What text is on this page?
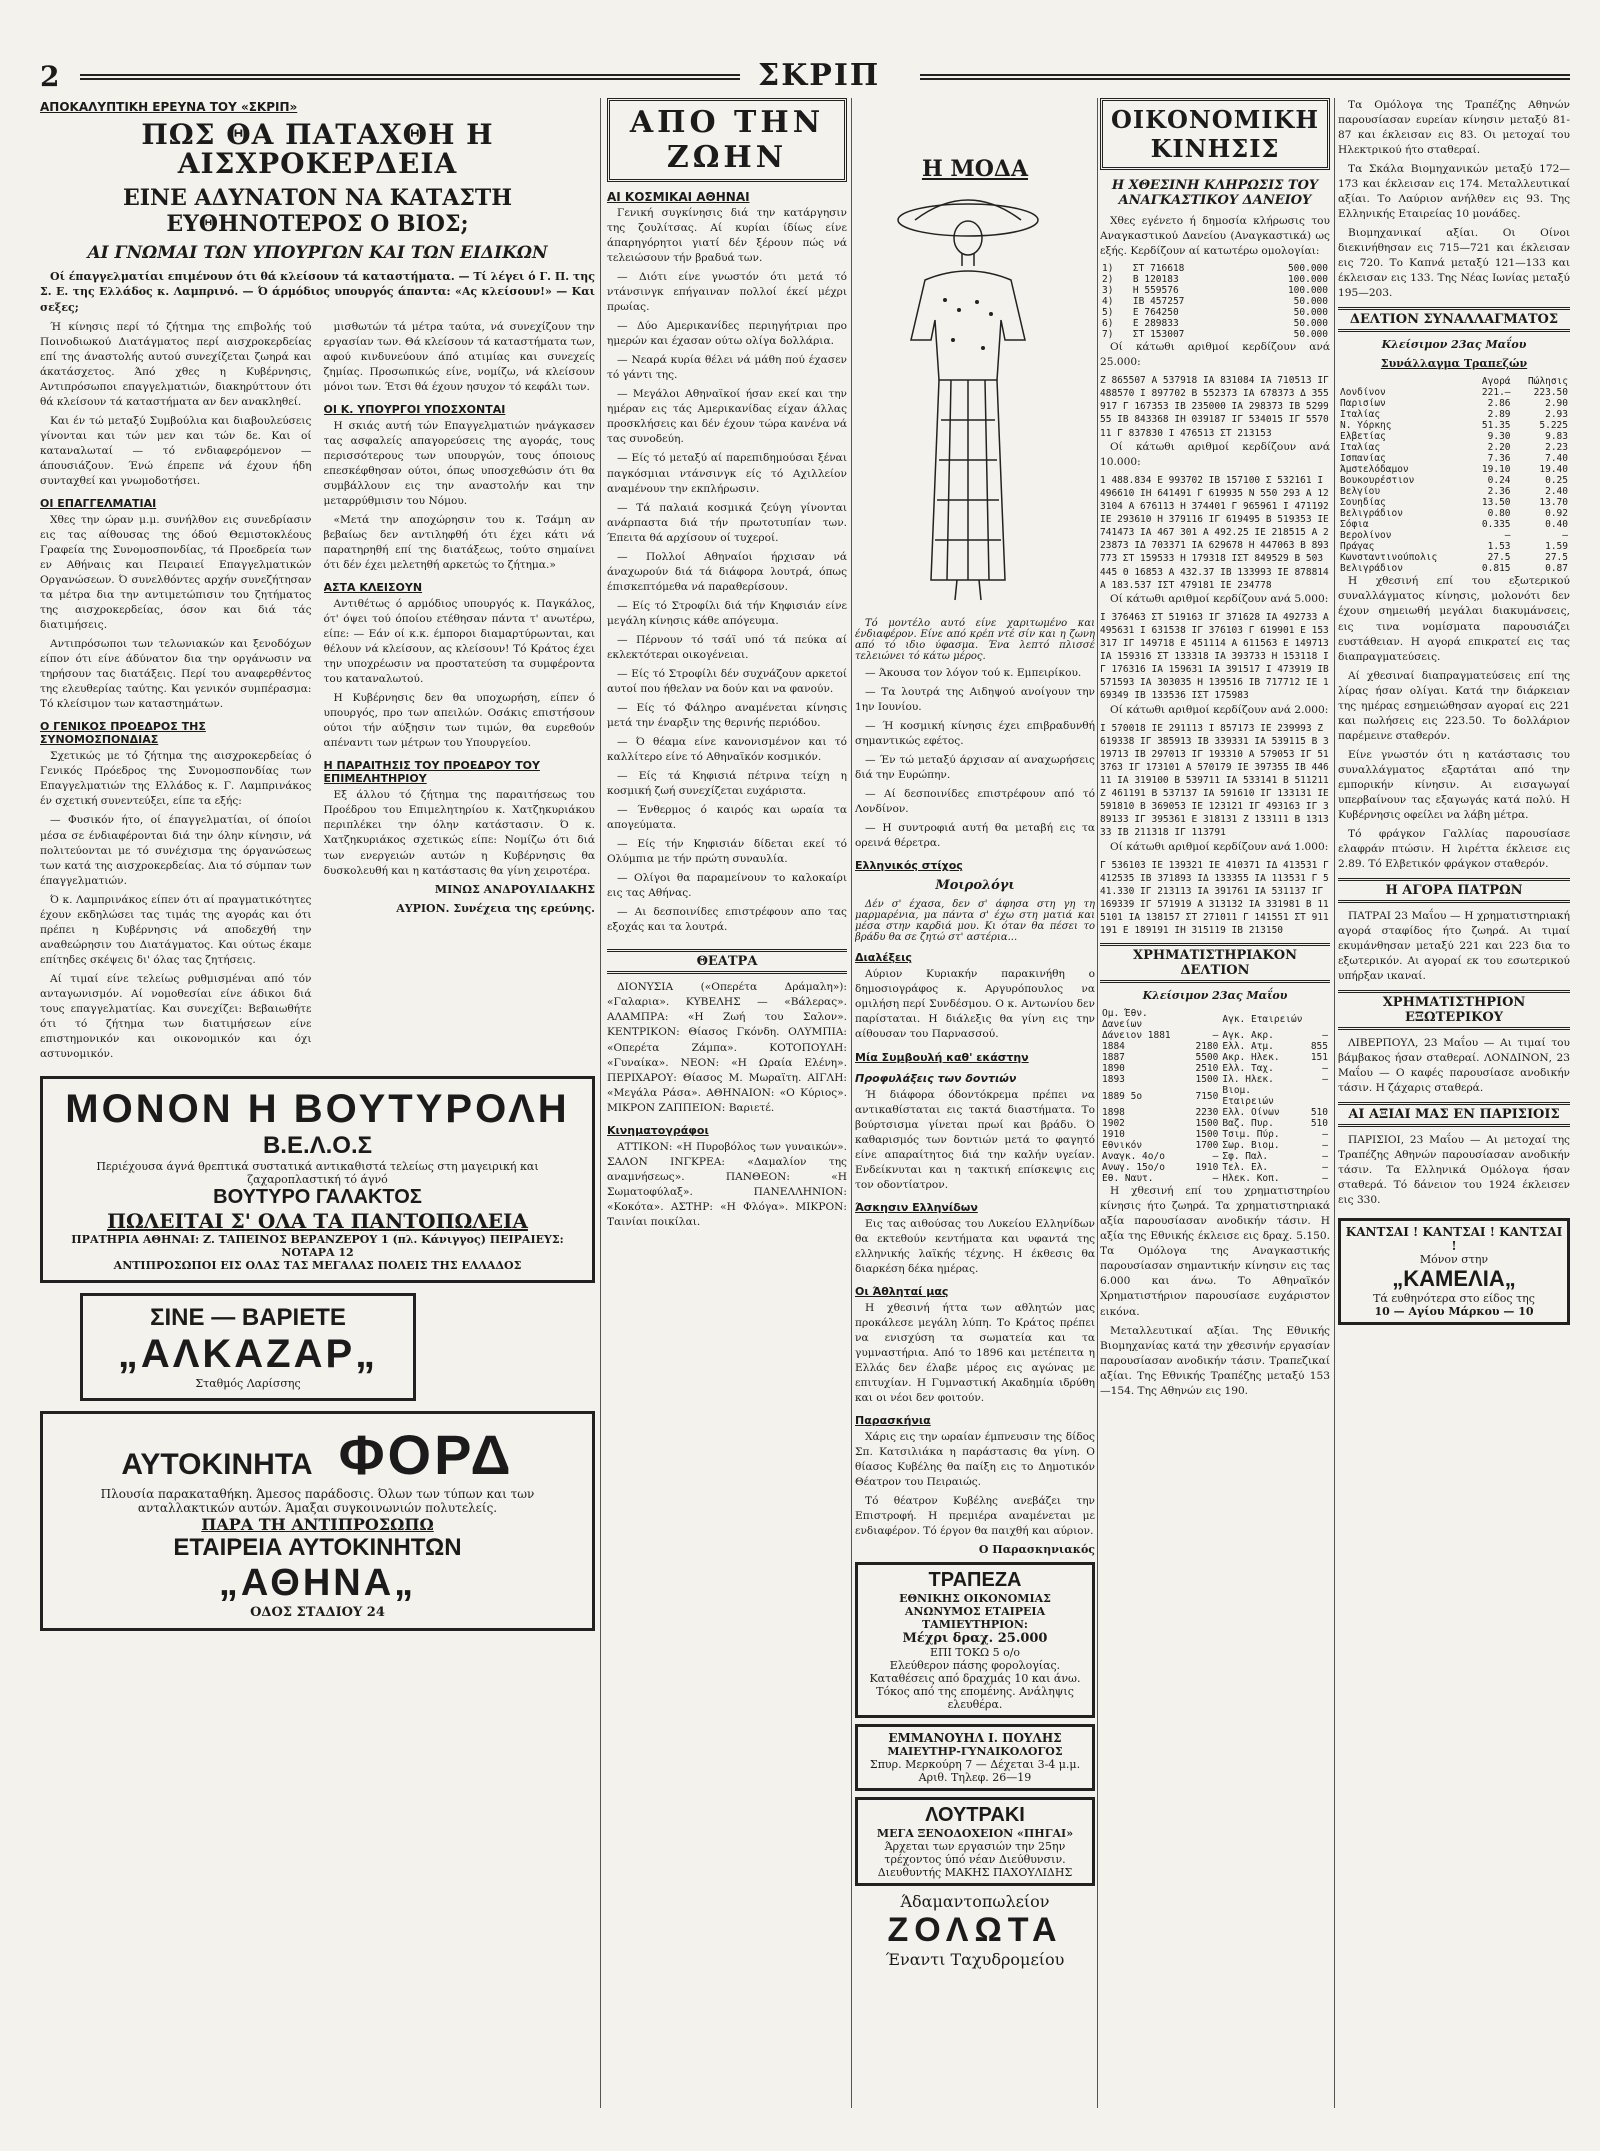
2	ΣΚΡΙΠ
ΑΠΟΚΑΛΥΠΤΙΚΗ ΕΡΕΥΝΑ ΤΟΥ «ΣΚΡΙΠ»
ΠΩΣ ΘΑ ΠΑΤΑΧΘΗ Η ΑΙΣΧΡΟΚΕΡΔΕΙΑ
ΕΙΝΕ ΑΔΥΝΑΤΟΝ ΝΑ ΚΑΤΑΣΤΗ ΕΥΘΗΝΟΤΕΡΟΣ Ο ΒΙΟΣ;
ΑΙ ΓΝΩΜΑΙ ΤΩΝ ΥΠΟΥΡΓΩΝ ΚΑΙ ΤΩΝ ΕΙΔΙΚΩΝ

Οί έπαγγελματίαι επιμένουν ότι θά κλείσουν τά καταστήματα. — Τί λέγει ό Γ. Π. της Σ. Ε. της Ελλάδος κ. Λαμπρινό. — Ό άρμόδιος υπουργός άπαντα: «Ας κλείσουν!» — Και σεξες;

Ή κίνησις περί τό ζήτημα της επιβολής τού Ποινοδιωκού Διατάγματος περί αισχροκερδείας επί της άναστολής αυτού συνεχίζεται ζωηρά και άκατάσχετος. Άπό χθες η Κυβέρνησις, Αντιπρόσωποι επαγγελματιών, διακηρύττουν ότι θά κλείσουν τά καταστήματα αν δεν ανακληθεί.

Και έν τώ μεταξύ Συμβούλια και διαβουλεύσεις γίνονται και τών μεν και τών δε. Και οί καταναλωταί — τό ενδιαφερόμενον — άπουσιάζουν. Ένώ έπρεπε νά έχουν ήδη συνταχθεί και γνωμοδοτήσει.

ΟΙ ΕΠΑΓΓΕΛΜΑΤΙΑΙ

Χθες την ώραν μ.μ. συνήλθον εις συνεδρίασιν εις τας αίθουσας της όδού Θεμιστοκλέους Γραφεία της Συνομοσπονδίας, τά Προεδρεία των εν Αθήναις και Πειραιεί Επαγγελματικών Οργανώσεων. Ό συνελθόντες αρχήν συνεζήτησαν τα μέτρα δια την αντιμετώπισιν του ζητήματος της αισχροκερδείας, όσον και διά τάς διατιμήσεις.

Αντιπρόσωποι των τελωνιακών και ξενοδόχων είπον ότι είνε άδύνατον δια την οργάνωσιν να τηρήσουν τας διατάξεις. Περί του αναφερθέντος της ελευθερίας ταύτης. Και γενικόν συμπέρασμα: Τό κλείσιμον των καταστημάτων.

Ο ΓΕΝΙΚΟΣ ΠΡΟΕΔΡΟΣ ΤΗΣ ΣΥΝΟΜΟΣΠΟΝΔΙΑΣ

Σχετικώς με τό ζήτημα της αισχροκερδείας ό Γενικός Πρόεδρος της Συνομοσπονδίας των Επαγγελματιών της Ελλάδος κ. Γ. Λαμπρινάκος έν σχετική συνεντεύξει, είπε τα εξής:

— Φυσικόν ήτο, οί έπαγγελματίαι, οί όποίοι μέσα σε ένδιαφέρονται διά την όλην κίνησιν, νά πολιτεύονται με τό συνέχισμα της όργανώσεως των κατά της αισχροκερδείας. Δια τό σύμπαν των έπαγγελματιών.

Ό κ. Λαμπρινάκος είπεν ότι αί πραγματικότητες έχουν εκδηλώσει τας τιμάς της αγοράς και ότι πρέπει η Κυβέρνησις νά αποδεχθή την αναθεώρησιν του Διατάγματος. Και ούτως έκαμε επίτηδες σκέψεις δι' όλας τας ζητήσεις.

Αί τιμαί είνε τελείως ρυθμισμέναι από τόν ανταγωνισμόν. Αί νομοθεσίαι είνε άδικοι διά τους επαγγελματίας. Και συνεχίζει: Βεβαιωθήτε ότι τό ζήτημα των διατιμήσεων είνε επιστημονικόν και οικονομικόν και όχι αστυνομικόν.

μισθωτών τά μέτρα ταύτα, νά συνεχίζουν την εργασίαν των. Θά κλείσουν τά καταστήματα των, αφού κινδυνεύουν άπό ατιμίας και συνεχείς ζημίας. Προσωπικώς είνε, νομίζω, νά κλείσουν μόνοι των. Έτσι θά έχουν ησυχον τό κεφάλι των.

ΟΙ Κ. ΥΠΟΥΡΓΟΙ ΥΠΟΣΧΟΝΤΑΙ

Η σκιάς αυτή τών Επαγγελματιών ηνάγκασεν τας ασφαλείς απαγορεύσεις της αγοράς, τους περισσότερους των υπουργών, τους όποιους επεσκέφθησαν ούτοι, όπως υποσχεθώσιν ότι θα συμβάλλουν εις την αναστολήν και την μεταρρύθμισιν του Νόμου.

«Μετά την αποχώρησιν του κ. Τσάμη αν βεβαίως δεν αντιληφθή ότι έχει κάτι νά παρατηρηθή επί της διατάξεως, τούτο σημαίνει ότι δέν έχει μελετηθή αρκετώς το ζήτημα.»

ΑΣΤΑ ΚΛΕΙΣΟΥΝ

Αντιθέτως ό αρμόδιος υπουργός κ. Παγκάλος, ότ' όψει τού όποίου ετέθησαν πάντα τ' ανωτέρω, είπε: — Εάν οί κ.κ. έμποροι διαμαρτύρωνται, και θέλουν νά κλείσουν, ας κλείσουν! Τό Κράτος έχει την υποχρέωσιν να προστατεύση τα συμφέροντα του καταναλωτού.

Η Κυβέρνησις δεν θα υποχωρήση, είπεν ό υπουργός, προ των απειλών. Οσάκις επιστήσουν ούτοι τήν αύξησιν των τιμών, θα ευρεθούν απέναντι των μέτρων του Υπουργείου.

Η ΠΑΡΑΙΤΗΣΙΣ ΤΟΥ ΠΡΟΕΔΡΟΥ ΤΟΥ ΕΠΙΜΕΛΗΤΗΡΙΟΥ

Εξ άλλου τό ζήτημα της παραιτήσεως του Προέδρου του Επιμελητηρίου κ. Χατζηκυριάκου περιπλέκει την όλην κατάστασιν. Ό κ. Χατζηκυριάκος σχετικώς είπε: Νομίζω ότι διά των ενεργειών αυτών η Κυβέρνησις θα δυσκολευθή και η κατάστασις θα γίνη χειροτέρα.

ΜΙΝΩΣ ΑΝΔΡΟΥΛΙΔΑΚΗΣ
ΑΥΡΙΟΝ. Συνέχεια της ερεύνης.
ΜΟΝΟΝ Η ΒΟΥΤΥΡΟΛΗ
Β.Ε.Λ.Ο.Σ
Περιέχουσα άγνά θρεπτικά συστατικά αντικαθιστά τελείως στη μαγειρική και ζαχαροπλαστική τό άγνό
ΒΟΥΤΥΡΟ ΓΑΛΑΚΤΟΣ
ΠΩΛΕΙΤΑΙ Σ' ΟΛΑ ΤΑ ΠΑΝΤΟΠΩΛΕΙΑ
ΠΡΑΤΗΡΙΑ ΑΘΗΝΑΙ: Ζ. ΤΑΠΕΙΝΟΣ ΒΕΡΑΝΖΕΡΟΥ 1 (πλ. Κάνιγγος) ΠΕΙΡΑΙΕΥΣ: ΝΟΤΑΡΑ 12
ΑΝΤΙΠΡΟΣΩΠΟΙ ΕΙΣ ΟΛΑΣ ΤΑΣ ΜΕΓΑΛΑΣ ΠΟΛΕΙΣ ΤΗΣ ΕΛΛΑΔΟΣ
ΣΙΝΕ — ΒΑΡΙΕΤΕ
„ΑΛΚΑΖΑΡ„
Σταθμός Λαρίσσης
ΑΥΤΟΚΙΝΗΤΑ ΦΟΡΔ
Πλουσία παρακαταθήκη. Άμεσος παράδοσις. Όλων των τύπων και των ανταλλακτικών αυτών. Άμαξαι συγκοινωνιών πολυτελείς.
ΠΑΡΑ ΤΗ ΑΝΤΙΠΡΟΣΩΠΩ
ΕΤΑΙΡΕΙΑ ΑΥΤΟΚΙΝΗΤΩΝ
„ΑΘΗΝΑ„
ΟΔΟΣ ΣΤΑΔΙΟΥ 24
ΑΠΟ ΤΗΝ ΖΩΗΝ
ΑΙ ΚΟΣΜΙΚΑΙ ΑΘΗΝΑΙ

Γενική συγκίνησις διά την κατάργησιν της ζουλίτσας. Αί κυρίαι ίδίως είνε άπαρηγόρητοι γιατί δέν ξέρουν πώς νά τελειώσουν τήν βραδυά των.

— Διότι είνε γνωστόν ότι μετά τό ντάνσινγκ επήγαιναν πολλοί έκεί μέχρι πρωίας.

— Δύο Αμερικανίδες περιηγήτριαι προ ημερών και έχασαν ούτω ολίγα δολλάρια.

— Νεαρά κυρία θέλει νά μάθη πού έχασεν τό γάντι της.

— Μεγάλοι Αθηναϊκοί ήσαν εκεί και την ημέραν εις τάς Αμερικανίδας είχαν άλλας προσκλήσεις και δέν έχουν τώρα κανένα νά τας συνοδεύη.

— Είς τό μεταξύ αί παρεπιδημούσαι ξέναι παγκόσμιαι ντάνσινγκ είς τό Αχιλλείον αναμένουν την εκπλήρωσιν.

— Τά παλαιά κοσμικά ζεύγη γίνονται ανάρπαστα διά τήν πρωτοτυπίαν των. Έπειτα θά αρχίσουν οί τυχεροί.

— Πολλοί Αθηναίοι ήρχισαν νά άναχωρούν διά τά διάφορα λουτρά, όπως έπισκεπτόμεθα νά παραθερίσουν.

— Είς τό Στροφίλι διά τήν Κηφισιάν είνε μεγάλη κίνησις κάθε απόγευμα.

— Πέρνουν τό τσάϊ υπό τά πεύκα αί εκλεκτότεραι οικογένειαι.

— Είς τό Στροφίλι δέν συχνάζουν αρκετοί αυτοί που ήθελαν να δούν και να φανούν.

— Είς τό Φάληρο αναμένεται κίνησις μετά την έναρξιν της θερινής περιόδου.

— Ό θέαμα είνε κανονισμένον και τό καλλίτερο είνε τό Αθηναϊκόν κοσμικόν.

— Είς τά Κηφισιά πέτρινα τείχη η κοσμική ζωή συνεχίζεται ευχάριστα.

— Ένθερμος ό καιρός και ωραία τα απογεύματα.

— Είς τήν Κηφισιάν δίδεται εκεί τό Ολύμπια με τήν πρώτη συναυλία.

— Ολίγοι θα παραμείνουν το καλοκαίρι εις τας Αθήνας.

— Αι δεσποινίδες επιστρέφουν απο τας εξοχάς και τα λουτρά.

ΘΕΑΤΡΑ

ΔΙΟΝΥΣΙΑ («Οπερέτα Δράμαλη»): «Γαλαρια». ΚΥΒΕΛΗΣ — «Βάλερας». ΑΛΑΜΠΡΑ: «Η Ζωή του Σαλον». ΚΕΝΤΡΙΚΟΝ: Θίασος Γκόνδη. ΟΛΥΜΠΙΑ: «Οπερέτα Ζάμπα». ΚΟΤΟΠΟΥΛΗ: «Γυναίκα». ΝΕΟΝ: «Η Ωραία Ελένη». ΠΕΡΙΧΑΡΟΥ: Θίασος Μ. Μωραϊτη. ΑΙΓΛΗ: «Μεγάλα Ράσα». ΑΘΗΝΑΙΟΝ: «Ο Κύριος». ΜΙΚΡΟΝ ΖΑΠΠΕΙΟΝ: Βαριετέ.

Κινηματογράφοι

ΑΤΤΙΚΟΝ: «Η Πυροβόλος των γυναικών». ΣΑΛΟΝ ΙΝΓΚΡΕΑ: «Δαμαλίον της αναμνήσεως». ΠΑΝΘΕΟΝ: «Η Σωματοφύλαξ». ΠΑΝΕΛΛΗΝΙΟΝ: «Κοκότα». ΑΣΤΗΡ: «Η Φλόγα». ΜΙΚΡΟΝ: Ταινίαι ποικίλαι.

Η ΜΟΔΑ

Τό μοντέλο αυτό είνε χαριτωμένο και ένδιαφέρον. Είνε από κρέπ ντέ σίν και η ζωνη από τό ιδιο ύφασμα. Ένα λεπτό πλισσέ τελειώνει τό κάτω μέρος.

— Άκουσα τον λόγον τού κ. Εμπειρίκου.

— Τα λουτρά της Αιδηψού ανοίγουν την 1ην Ιουνίου.

— Ή κοσμική κίνησις έχει επιβραδυνθή σημαντικώς εφέτος.

— Έν τώ μεταξύ άρχισαν αί αναχωρήσεις διά την Ευρώπην.

— Αί δεσποινίδες επιστρέφουν από τό Λονδίνον.

— Η συντροφιά αυτή θα μεταβή εις τα ορεινά θέρετρα.

Ελληνικός στίχος
Μοιρολόγι

Δέν σ' έχασα, δεν σ' άφησα στη γη τη μαρμαρένια, μα πάντα σ' έχω στη ματιά και μέσα στην καρδιά μου. Κι όταν θα πέσει το βράδυ θα σε ζητώ στ' αστέρια...

Διαλέξεις

Αύριον Κυριακήν παρακινήθη ο δημοσιογράφος κ. Αργυρόπουλος να ομιλήση περί Συνδέσμου. Ο κ. Αντωνίου δεν παρίσταται. Η διάλεξις θα γίνη εις την αίθουσαν του Παρνασσού.

Μία Συμβουλή καθ' εκάστην
Προφυλάξεις των δοντιών

Ή διάφορα όδοντόκρεμα πρέπει να αντικαθίσταται εις τακτά διαστήματα. Το βούρτσισμα γίνεται πρωί και βράδυ. Ό καθαρισμός των δοντιών μετά το φαγητό είνε απαραίτητος διά την καλήν υγείαν. Ενδείκνυται και η τακτική επίσκεψις εις τον οδοντίατρον.

Άσκησιν Ελληνίδων

Εις τας αιθούσας του Λυκείου Ελληνίδων θα εκτεθούν κεντήματα και υφαντά της ελληνικής λαϊκής τέχνης. Η έκθεσις θα διαρκέση δέκα ημέρας.

Οι Άθληταί μας

Η χθεσινή ήττα των αθλητών μας προκάλεσε μεγάλη λύπη. Το Κράτος πρέπει να ενισχύση τα σωματεία και τα γυμναστήρια. Από το 1896 και μετέπειτα η Ελλάς δεν έλαβε μέρος εις αγώνας με επιτυχίαν. Η Γυμναστική Ακαδημία ιδρύθη και οι νέοι δεν φοιτούν.

Παρασκήνια

Χάρις εις την ωραίαν έμπνευσιν της δίδος Σπ. Κατσιλιάκα η παράστασις θα γίνη. Ο θίασος Κυβέλης θα παίξη εις το Δημοτικόν Θέατρον του Πειραιώς.

Τό θέατρον Κυβέλης ανεβάζει την Επιστροφή. Η πρεμιέρα αναμένεται με ενδιαφέρον. Τό έργον θα παιχθή και αύριον.

Ο Παρασκηνιακός
ΤΡΑΠΕΖΑ
ΕΘΝΙΚΗΣ ΟΙΚΟΝΟΜΙΑΣ
ΑΝΩΝΥΜΟΣ ΕΤΑΙΡΕΙΑ
ΤΑΜΙΕΥΤΗΡΙΟΝ:
Μέχρι δραχ. 25.000
ΕΠΙ ΤΟΚΩ 5 ο/ο
Ελεύθερον πάσης φορολογίας. Καταθέσεις από δραχμάς 10 και άνω. Τόκος από της επομένης. Ανάληψις ελευθέρα.
ΕΜΜΑΝΟΥΗΛ Ι. ΠΟΥΛΗΣ
ΜΑΙΕΥΤΗΡ-ΓΥΝΑΙΚΟΛΟΓΟΣ
Σπυρ. Μερκούρη 7 — Δέχεται 3-4 μ.μ.
Αριθ. Τηλεφ. 26—19
ΛΟΥΤΡΑΚΙ
ΜΕΓΑ ΞΕΝΟΔΟΧΕΙΟΝ «ΠΗΓΑΙ»
Άρχεται των εργασιών την 25ην τρέχοντος ύπό νέαν Διεύθυνσιν.
Διευθυντής ΜΑΚΗΣ ΠΑΧΟΥΛΙΔΗΣ
Άδαμαντοπωλείον
ΖΟΛΩΤΑ
Έναντι Ταχυδρομείου
ΟΙΚΟΝΟΜΙΚΗ ΚΙΝΗΣΙΣ
Η ΧΘΕΣΙΝΗ ΚΛΗΡΩΣΙΣ ΤΟΥ ΑΝΑΓΚΑΣΤΙΚΟΥ ΔΑΝΕΙΟΥ

Χθες εγένετο ή δημοσία κλήρωσις του Αναγκαστικού Δανείου (Αναγκαστικά) ως εξής. Κερδίζουν αί κατωτέρω ομολογίαι:

1)	ΣΤ 716618	500.000
2)	Β 120183	100.000
3)	Η 559576	100.000
4)	ΙΒ 457257	50.000
5)	Ε 764250	50.000
6)	Ε 289833	50.000
7)	ΣΤ 153007	50.000

Οί κάτωθι αριθμοί κερδίζουν ανά 25.000:

Ζ 865507 Α 537918 ΙΑ 831084 ΙΑ 710513 ΙΓ 488570 Ι 897702 Β 552373 ΙΑ 678373 Δ 355917 Γ 167353 ΙΒ 235000 ΙΑ 298373 ΙΒ 529955 ΙΒ 843368 ΙΗ 039187 ΙΓ 534015 ΙΓ 557011 Γ 837830 Ι 476513 ΣΤ 213153

Οί κάτωθι αριθμοί κερδίζουν ανά 10.000:

1 488.834 Ε 993702 ΙΒ 157100 Σ 532161 Ι 496610 ΙΗ 641491 Γ 619935 Ν 550 293 Α 123104 Α 676113 Η 374401 Γ 965961 Ι 471192 ΙΕ 293610 Η 379116 ΙΓ 619495 Β 519353 ΙΕ 741473 ΙΑ 467 301 Α 492.25 ΙΕ 218515 Α 223873 ΙΔ 703371 ΙΑ 629678 Η 447063 Β 893773 ΣΤ 159533 Η 179318 ΙΣΤ 849529 Β 503 445 Θ 16853 Α 432.37 ΙΒ 133993 ΙΕ 878814 Α 183.537 ΙΣΤ 479181 ΙΕ 234778

Οί κάτωθι αριθμοί κερδίζουν ανά 5.000:

Ι 376463 ΣΤ 519163 ΙΓ 371628 ΙΑ 492733 Α 495631 Ι 631538 ΙΓ 376103 Γ 619901 Ε 153317 ΙΓ 149718 Ε 451114 Α 611563 Ε 149713 ΙΑ 159316 ΣΤ 133318 ΙΑ 393733 Η 153118 ΙΓ 176316 ΙΑ 159631 ΙΑ 391517 Ι 473919 ΙΒ 571593 ΙΑ 303035 Η 139516 ΙΒ 717712 ΙΕ 169349 ΙΒ 133536 ΙΣΤ 175983

Οί κάτωθι αριθμοί κερδίζουν ανά 2.000:

Ι 570018 ΙΕ 291113 Ι 857173 ΙΕ 239993 Ζ 619338 ΙΓ 385913 ΙΒ 339331 ΙΑ 539115 Β 319713 ΙΒ 297013 ΙΓ 193310 Α 579053 ΙΓ 513763 ΙΓ 173101 Α 570179 ΙΕ 397355 ΙΒ 44611 ΙΑ 319100 Β 539711 ΙΑ 533141 Β 511211 Ζ 461191 Β 537137 ΙΑ 591610 ΙΓ 133131 ΙΕ 591810 Β 369053 ΙΕ 123121 ΙΓ 493163 ΙΓ 389133 ΙΓ 395361 Ε 318131 Ζ 133111 Β 131333 ΙΒ 211318 ΙΓ 113791

Οί κάτωθι αριθμοί κερδίζουν ανά 1.000:

Γ 536103 ΙΕ 139321 ΙΕ 410371 ΙΔ 413531 Γ 412535 ΙΒ 371893 ΙΔ 133355 ΙΑ 113531 Γ 541.330 ΙΓ 213113 ΙΑ 391761 ΙΑ 531137 ΙΓ 169339 ΙΓ 571919 Α 313132 ΙΑ 331981 Β 115101 ΙΑ 138157 ΣΤ 271011 Γ 141551 ΣΤ 911191 Ε 189191 ΙΗ 315119 ΙΒ 213150
ΧΡΗΜΑΤΙΣΤΗΡΙΑΚΟΝ ΔΕΛΤΙΟΝ
Κλείσιμον 23ας Μαΐου
Ομ. Έθν. Δανείων		Αγκ. Εταιρειών	
Δάνειον 1881	—	Αγκ. Ακρ.	—
1884	2180	Ελλ. Ατμ.	855
1887	5500	Ακρ. Ηλεκ.	151
1890	2510	Ελλ. Ταχ.	—
1893	1500	Ιλ. Ηλεκ.	—
1889 5ο	7150	Βιομ. Εταιρειών	
1898	2230	Ελλ. Οίνων	510
1902	1500	Βαζ. Πυρ.	510
1910	1500	Τσιμ. Πύρ.	—
Εθνικόν	1700	Σωρ. Βιομ.	—
Αναγκ. 4ο/ο	—	Σφ. Παλ.	—
Ανωγ. 15ο/ο	1910	Τελ. Ελ.	—
Εθ. Ναυτ.	—	Ηλεκ. Κοπ.	—

Η χθεσινή επί του χρηματιστηρίου κίνησις ήτο ζωηρά. Τα χρηματιστηριακά αξία παρουσίασαν ανοδικήν τάσιν. Η αξία της Εθνικής έκλεισε εις δραχ. 5.150. Τα Ομόλογα της Αναγκαστικής παρουσίασαν σημαντικήν κίνησιν εις τας 6.000 και άνω. Το Αθηναϊκόν Χρηματιστήριον παρουσίασε ευχάριστον εικόνα.

Μεταλλευτικαί αξίαι. Της Εθνικής Βιομηχανίας κατά την χθεσινήν εργασίαν παρουσίασαν ανοδικήν τάσιν. Τραπεζικαί αξίαι. Της Εθνικής Τραπέζης μεταξύ 153—154. Της Αθηνών εις 190.

Τα Ομόλογα της Τραπέζης Αθηνών παρουσίασαν ευρείαν κίνησιν μεταξύ 81-87 και έκλεισαν εις 83. Οι μετοχαί του Ηλεκτρικού ήτο σταθεραί.

Τα Σκάλα Βιομηχανικών μεταξύ 172—173 και έκλεισαν εις 174. Μεταλλευτικαί αξίαι. Το Λαύριον ανήλθεν εις 93. Της Ελληνικής Εταιρείας 10 μονάδες.

Βιομηχανικαί αξίαι. Οι Οίνοι διεκινήθησαν εις 715—721 και έκλεισαν εις 720. Το Καπνά μεταξύ 121—133 και έκλεισαν εις 133. Της Νέας Ιωνίας μεταξύ 195—203.

ΔΕΛΤΙΟΝ ΣΥΝΑΛΛΑΓΜΑΤΟΣ
Κλείσιμον 23ας Μαΐου
Συνάλλαγμα Τραπεζών
	Αγορά	Πώλησις
Λονδίνον	221.—	223.50
Παρισίων	2.86	2.90
Ιταλίας	2.89	2.93
Ν. Υόρκης	51.35	5.225
Ελβετίας	9.30	9.83
Ιταλίας	2.20	2.23
Ισπανίας	7.36	7.40
Άμστελόδαμον	19.10	19.40
Βουκουρέστιον	0.24	0.25
Βελγίου	2.36	2.40
Σουηδίας	13.50	13.70
Βελιγράδιον	0.80	0.92
Σόφια	0.335	0.40
Βερολίνον	—	—
Πράγας	1.53	1.59
Κωνσταντινούπολις	27.5	27.5
Βελιγράδιον	0.815	0.87

Η χθεσινή επί του εξωτερικού συναλλάγματος κίνησις, μολονότι δεν έχουν σημειωθή μεγάλαι διακυμάνσεις, εις τινα νομίσματα παρουσιάζει ευστάθειαν. Η αγορά επικρατεί εις τας διαπραγματεύσεις.

Αί χθεσιναί διαπραγματεύσεις επί της λίρας ήσαν ολίγαι. Κατά την διάρκειαν της ημέρας εσημειώθησαν αγοραί εις 221 και πωλήσεις εις 223.50. Το δολλάριον παρέμεινε σταθερόν.

Είνε γνωστόν ότι η κατάστασις του συναλλάγματος εξαρτάται από την εμπορικήν κίνησιν. Αι εισαγωγαί υπερβαίνουν τας εξαγωγάς κατά πολύ. Η Κυβέρνησις οφείλει να λάβη μέτρα.

Τό φράγκον Γαλλίας παρουσίασε ελαφράν πτώσιν. Η λιρέττα έκλεισε εις 2.89. Τό Ελβετικόν φράγκον σταθερόν.

Η ΑΓΟΡΑ ΠΑΤΡΩΝ

ΠΑΤΡΑΙ 23 Μαΐου — Η χρηματιστηριακή αγορά σταφίδος ήτο ζωηρά. Αι τιμαί εκυμάνθησαν μεταξύ 221 και 223 δια το εξωτερικόν. Αι αγοραί εκ του εσωτερικού υπήρξαν ικαναί.

ΧΡΗΜΑΤΙΣΤΗΡΙΟΝ ΕΞΩΤΕΡΙΚΟΥ

ΛΙΒΕΡΠΟΥΛ, 23 Μαΐου — Αι τιμαί του βάμβακος ήσαν σταθεραί. ΛΟΝΔΙΝΟΝ, 23 Μαΐου — Ο καφές παρουσίασε ανοδικήν τάσιν. Η ζάχαρις σταθερά.

ΑΙ ΑΞΙΑΙ ΜΑΣ ΕΝ ΠΑΡΙΣΙΟΙΣ

ΠΑΡΙΣΙΟΙ, 23 Μαΐου — Αι μετοχαί της Τραπέζης Αθηνών παρουσίασαν ανοδικήν τάσιν. Τα Ελληνικά Ομόλογα ήσαν σταθερά. Τό δάνειον του 1924 έκλεισεν εις 330.

ΚΑΝΤΣΑΙ ! ΚΑΝΤΣΑΙ ! ΚΑΝΤΣΑΙ !
Μόνον στην
„ΚΑΜΕΛΙΑ„
Τά ευθηνότερα στο είδος της
10 — Αγίου Μάρκου — 10
